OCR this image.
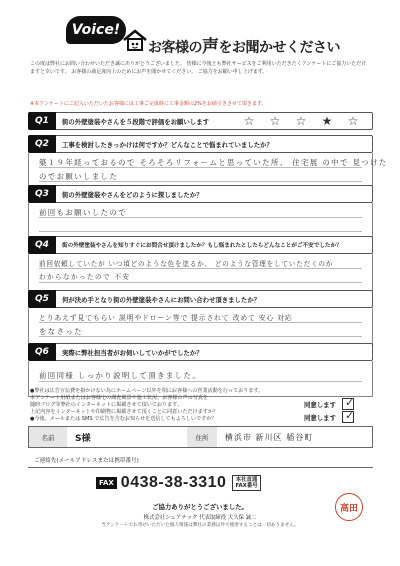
Voice!
お客様の声をお聞かせください
この度は弊社にお問い合わせいただき誠にありがとうございました。 皆様に今後とも弊社サービスをご利用いただきたくアンケートにご協力いただけますと幸いです。 お客様の満足度向上のためにお声を聞かせてください。 ご協力をお願い申し上げます。
※本アンケートにご記入いただいたお客様には工事ご完成時に工事金額の2%をお値引きさせて頂きます。
Q1	街の外壁塗装やさんを５段階で評価をお願いします	☆ ☆ ☆ ★ ☆
Q2	工事を検討したきっかけは何ですか？どんなことで悩まれていましたか？
築１９年経っておるので そろそろリフォームと思っていた所、 住宅展 の中で 見つけた
のでお願いしました
Q3	街の外壁塗装やさんをどのように探しましたか？
前回もお願いしたので
Q4	街の外壁塗装やさんを知りすぐにお問合せ頂けましたか？もし悩まれたとしたらどんなことがご不安でしたか？
前回依頼していたが いつ頃どのような色を塗るか、 どのような管理をしていただくのか
わからなかったので 不安
Q5	何が決め手となり街の外壁塗装やさんにお問い合わせ頂きましたか？
とりあえず見てもらい 説明やドローン等で 提示されて 改めて 安心 対応
をなさった
Q6	実際に弊社担当者がお伺いしていかがでしたか？
前回同様 しっかり説明して頂きました。
●弊社は広告宣伝費を掛かけない為にホームページ以外を相にお客様への営業活動を行っております。
本アンケート用紙またはお客様宅の調査風景や施工状況、お客様の声の写真を
随時ブログ等弊社のインターネットに掲載させて頂いております。
上記内容をインターネットや印刷物に掲載させて頂くことに同意いただけますか？
同意します ✓
●今後、メールまたは SMS で広告を含むお知らせを送信してもよろしいですか？	同意します ✓
名前	S様	住所	横浜市 新川区 稲谷町
ご連絡先(メールアドレスまたは携帯番号)
FAX 0438-38-3310	本社直通
FAX番号
ご協力ありがとうございました。
株式会社シェアテック 代表取締役 大久保 誠二
当アンケートでお寄せいただいた個人情報は弊社の業務以外で使用することは一切ありません。
高田
